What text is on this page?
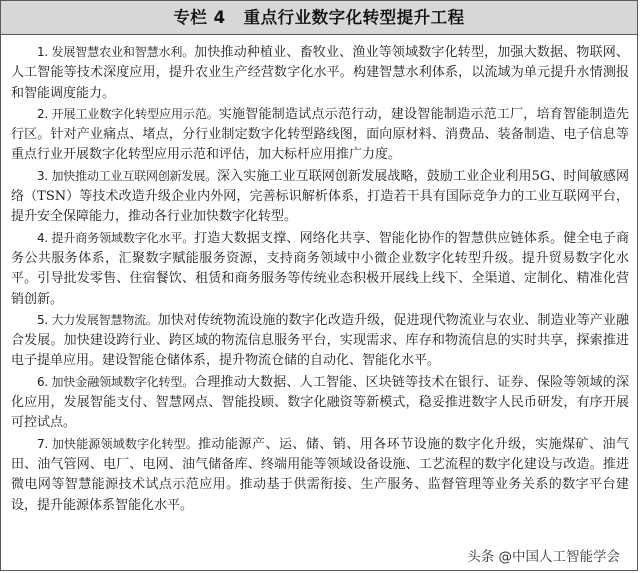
专栏 4 重点行业数字化转型提升工程

1. 发展智慧农业和智慧水利。加快推动种植业、畜牧业、渔业等领域数字化转型，加强大数据、物联网、人工智能等技术深度应用，提升农业生产经营数字化水平。构建智慧水利体系，以流域为单元提升水情测报和智能调度能力。

2. 开展工业数字化转型应用示范。实施智能制造试点示范行动，建设智能制造示范工厂，培育智能制造先行区。针对产业痛点、堵点，分行业制定数字化转型路线图，面向原材料、消费品、装备制造、电子信息等重点行业开展数字化转型应用示范和评估，加大标杆应用推广力度。

3. 加快推动工业互联网创新发展。深入实施工业互联网创新发展战略，鼓励工业企业利用5G、时间敏感网络（TSN）等技术改造升级企业内外网，完善标识解析体系，打造若干具有国际竞争力的工业互联网平台，提升安全保障能力，推动各行业加快数字化转型。

4. 提升商务领域数字化水平。打造大数据支撑、网络化共享、智能化协作的智慧供应链体系。健全电子商务公共服务体系，汇聚数字赋能服务资源，支持商务领域中小微企业数字化转型升级。提升贸易数字化水平。引导批发零售、住宿餐饮、租赁和商务服务等传统业态积极开展线上线下、全渠道、定制化、精准化营销创新。

5. 大力发展智慧物流。加快对传统物流设施的数字化改造升级，促进现代物流业与农业、制造业等产业融合发展。加快建设跨行业、跨区域的物流信息服务平台，实现需求、库存和物流信息的实时共享，探索推进电子提单应用。建设智能仓储体系，提升物流仓储的自动化、智能化水平。

6. 加快金融领域数字化转型。合理推动大数据、人工智能、区块链等技术在银行、证券、保险等领域的深化应用，发展智能支付、智慧网点、智能投顾、数字化融资等新模式，稳妥推进数字人民币研发，有序开展可控试点。

7. 加快能源领域数字化转型。推动能源产、运、储、销、用各环节设施的数字化升级，实施煤矿、油气田、油气管网、电厂、电网、油气储备库、终端用能等领域设备设施、工艺流程的数字化建设与改造。推进微电网等智慧能源技术试点示范应用。推动基于供需衔接、生产服务、监督管理等业务关系的数字平台建设，提升能源体系智能化水平。

头条 @中国人工智能学会
